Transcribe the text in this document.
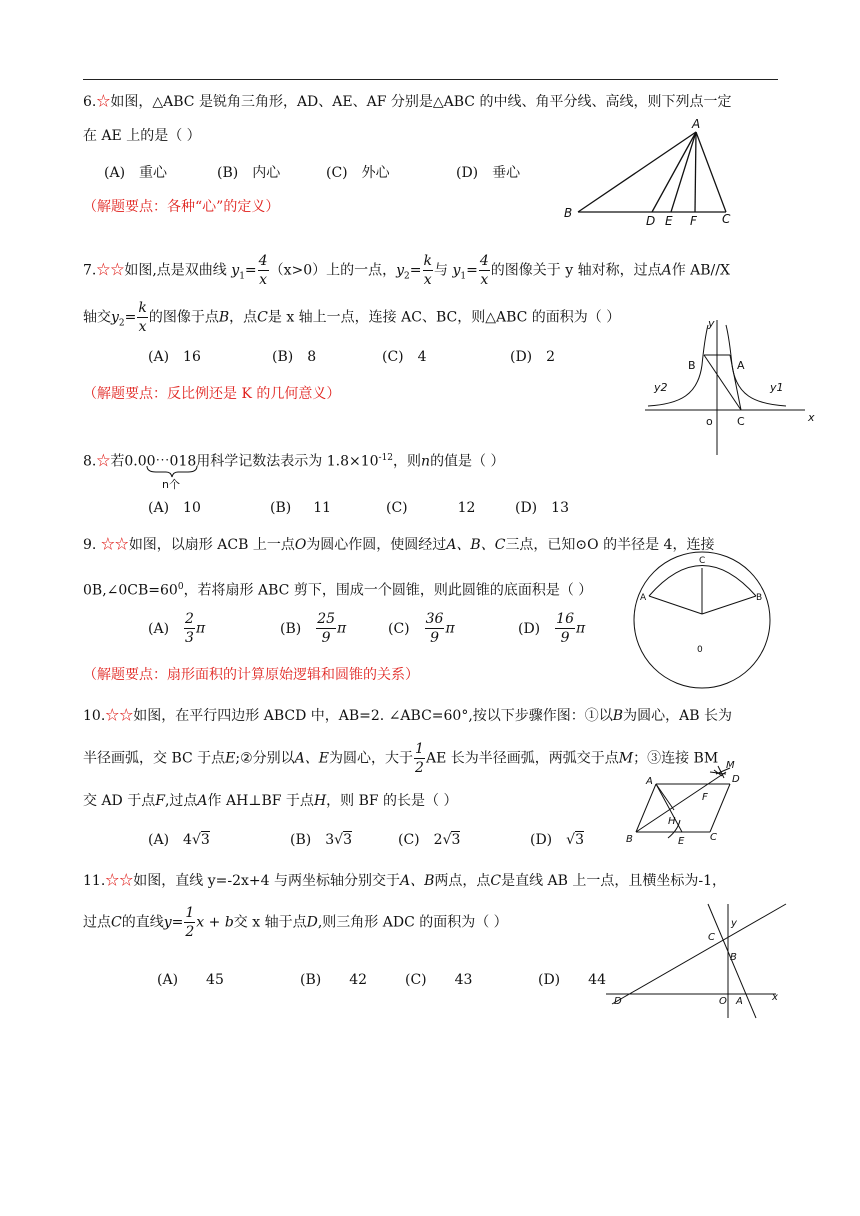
6.☆如图，△ABC 是锐角三角形，AD、AE、AF 分别是△ABC 的中线、角平分线、高线，则下列点一定
在 AE 上的是（ ）
(A) 重心	(B) 内心	(C) 外心	(D) 垂心
（解题要点：各种“心”的定义）
A
B	C
D E F
7.☆☆如图,点是双曲线 $y_1= \frac{4}{x} (x>0)$上的一点，$y_2= \frac{k}{x}$ 与 $y_1= \frac{4}{x}$ 的图像关于 y 轴对称，过点A作 AB//X
轴交$y_2= \frac{k}{x}$ 的图像于点B，点C是 x 轴上一点，连接 AC、BC，则△ABC 的面积为（ ）
(A) 16	(B) 8	(C) 4	(D) 2
（解题要点：反比例还是 K 的几何意义）
y
x
o
B	A
C
y2	y1
8.☆若0.00⋯018用科学记数法表示为 $1.8\times 10^{-12}$，则n的值是（ ）
n个
(A) 10	(B) 11	(C)	12	(D) 13
9. ☆☆如图，以扇形 ACB 上一点O为圆心作圆，使圆经过A、B、C三点，已知⊙O 的半径是 4，连接
$0B,\angle 0CB=60^0$，若将扇形 ABC 剪下，围成一个圆锥，则此圆锥的底面积是（ ）
$(A) \frac{2}{3}$ π	$(B) \frac{25}{9}$ π	$(C) \frac{36}{9}$ π	$(D) \frac{16}{9}$ π
（解题要点：扇形面积的计算原始逻辑和圆锥的关系）
C
A	B
0
10.☆☆如图，在平行四边形 ABCD 中，AB=2. ∠ABC=60°,按以下步骤作图：①以B为圆心，AB 长为
半径画弧，交 BC 于点E;②分别以A、E为圆心，大于 $\frac{1}{2}$ AE 长为半径画弧，两弧交于点M；③连接 BM
交 AD 于点F,过点A作 AH⊥BF 于点H，则 BF 的长是（ ）
(A) 4√3	(B) 3√3	(C) 2√3	(D) √3
A
B	C
D
E
F
H
M
11.☆☆如图，直线 y=-2x+4 与两坐标轴分别交于A、B两点，点C是直线 AB 上一点，且横坐标为-1，
过点C的直线$y= \frac{1}{2}$ x + b交 x 轴于点D,则三角形 ADC 的面积为（ ）
(A) 45	(B) 42	(C) 43	(D) 44
y
x
C
B
D	O A
